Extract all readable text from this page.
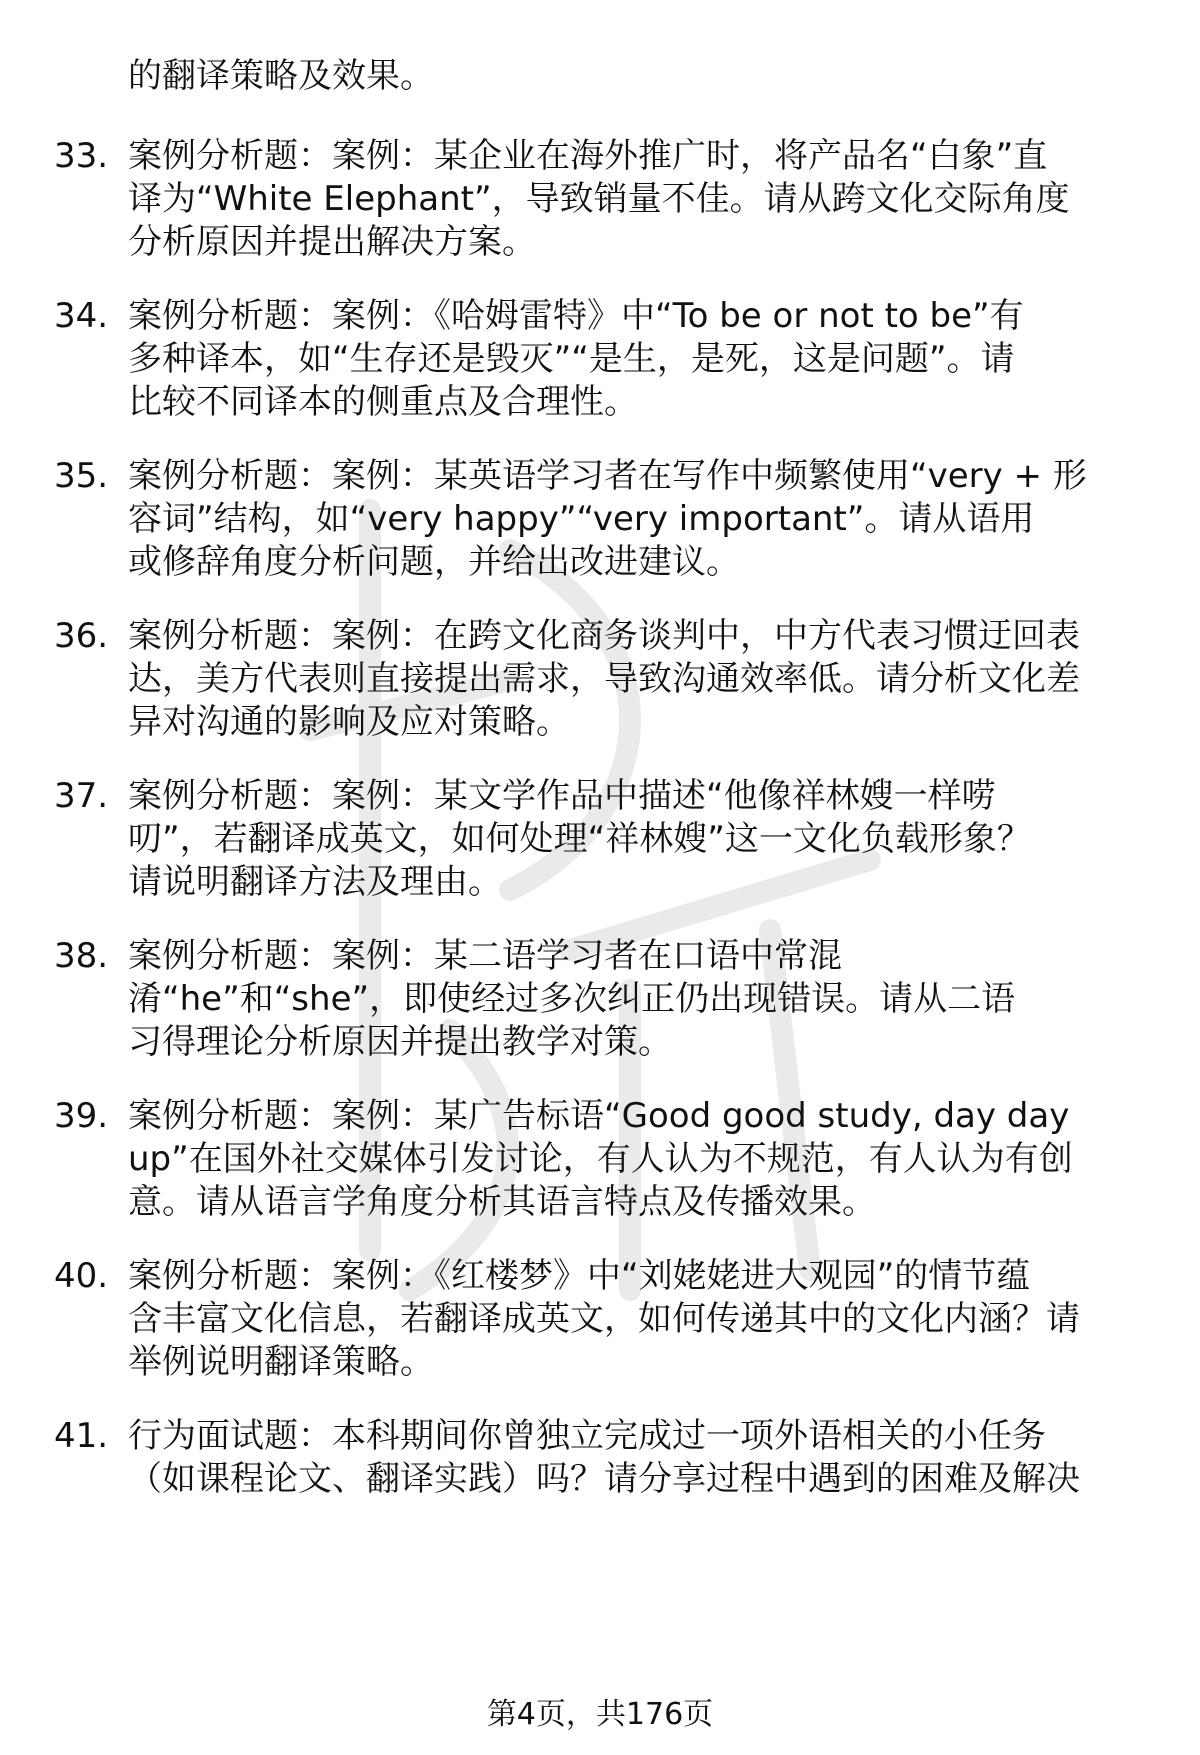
的翻译策略及效果。
33. 案例分析题：案例：某企业在海外推广时，将产品名“白象”直
译为“White Elephant”，导致销量不佳。请从跨文化交际角度
分析原因并提出解决方案。
34. 案例分析题：案例：《哈姆雷特》中“To be or not to be”有
多种译本，如“生存还是毁灭”“是生，是死，这是问题”。请
比较不同译本的侧重点及合理性。
35. 案例分析题：案例：某英语学习者在写作中频繁使用“very + 形
容词”结构，如“very happy”“very important”。请从语用
或修辞角度分析问题，并给出改进建议。
36. 案例分析题：案例：在跨文化商务谈判中，中方代表习惯迂回表
达，美方代表则直接提出需求，导致沟通效率低。请分析文化差
异对沟通的影响及应对策略。
37. 案例分析题：案例：某文学作品中描述“他像祥林嫂一样唠
叨”，若翻译成英文，如何处理“祥林嫂”这一文化负载形象？
请说明翻译方法及理由。
38. 案例分析题：案例：某二语学习者在口语中常混
淆“he”和“she”，即使经过多次纠正仍出现错误。请从二语
习得理论分析原因并提出教学对策。
39. 案例分析题：案例：某广告标语“Good good study, day day
up”在国外社交媒体引发讨论，有人认为不规范，有人认为有创
意。请从语言学角度分析其语言特点及传播效果。
40. 案例分析题：案例：《红楼梦》中“刘姥姥进大观园”的情节蕴
含丰富文化信息，若翻译成英文，如何传递其中的文化内涵？请
举例说明翻译策略。
41. 行为面试题：本科期间你曾独立完成过一项外语相关的小任务
（如课程论文、翻译实践）吗？请分享过程中遇到的困难及解决
第4页，共176页
